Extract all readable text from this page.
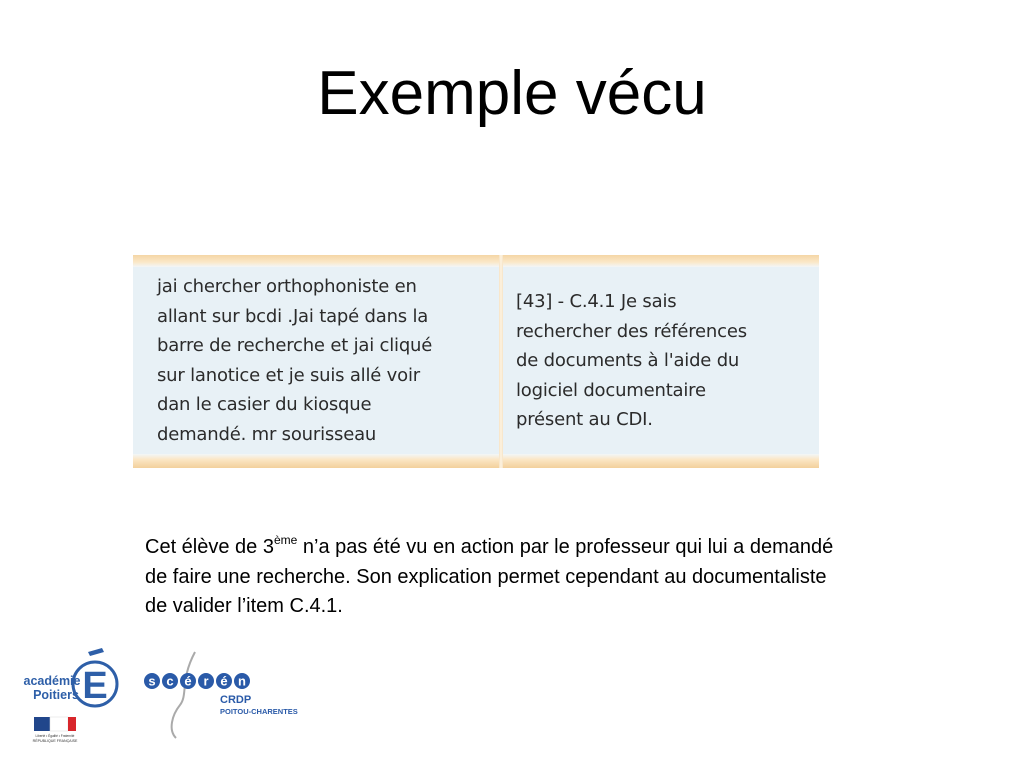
Exemple vécu
jai chercher orthophoniste en
allant sur bcdi .Jai tapé dans la
barre de recherche et jai cliqué
sur lanotice et je suis allé voir
dan le casier du kiosque
demandé. mr sourisseau
[43] - C.4.1 Je sais
rechercher des références
de documents à l'aide du
logiciel documentaire
présent au CDI.

Cet élève de 3ème n’a pas été vu en action par le professeur qui lui a demandé de faire une recherche. Son explication permet cependant au documentaliste de valider l’item C.4.1.

académie
Poitiers E
Liberté • Égalité • Fraternité
RÉPUBLIQUE FRANÇAISE
s c é r é n
CRDP
POITOU-CHARENTES
